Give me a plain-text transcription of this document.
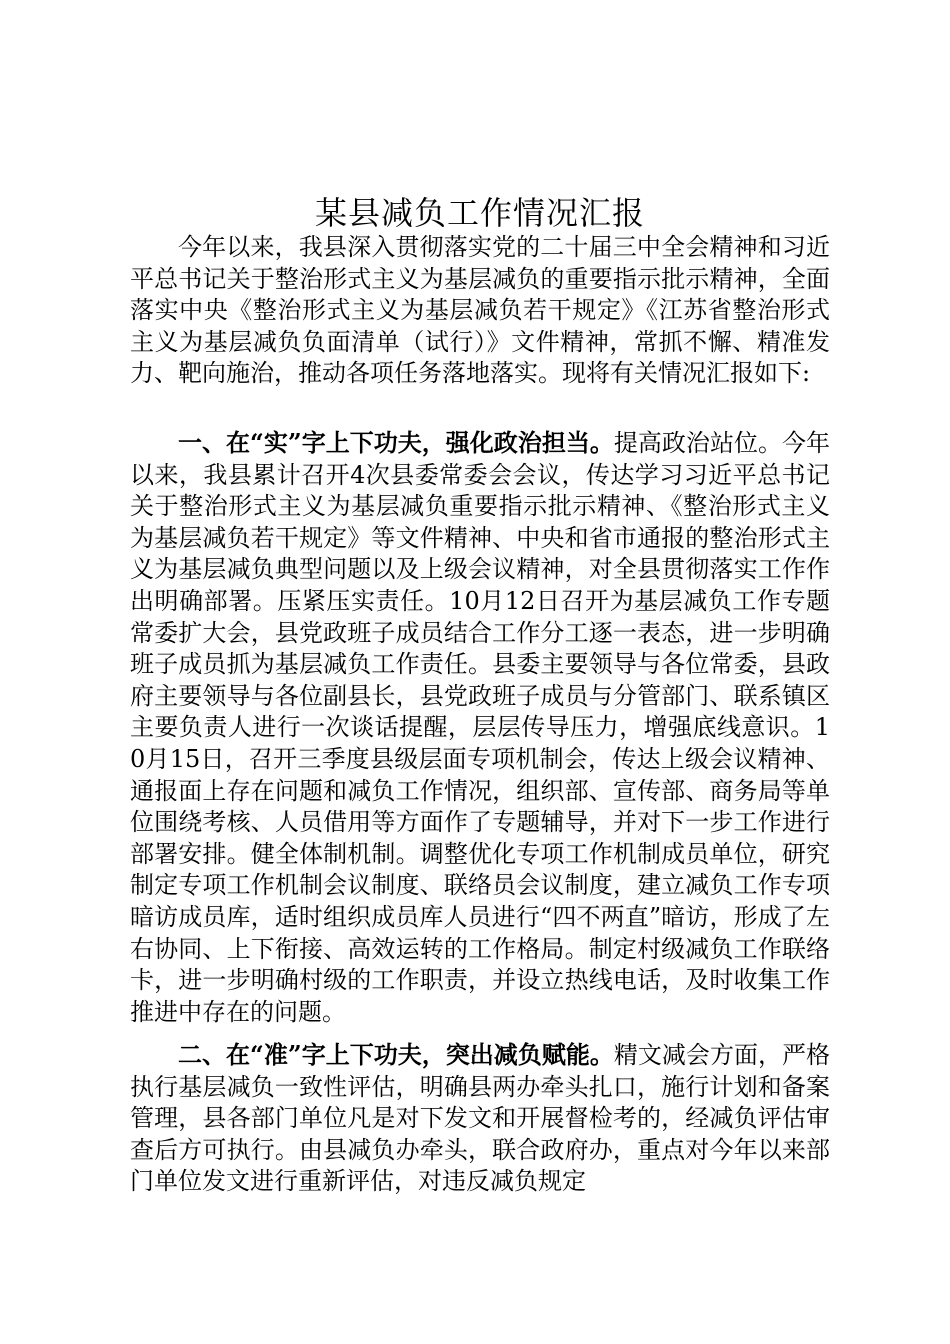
某县减负工作情况汇报

今年以来，我县深入贯彻落实党的二十届三中全会精神和习近平总书记关于整治形式主义为基层减负的重要指示批示精神，全面落实中央《整治形式主义为基层减负若干规定》《江苏省整治形式主义为基层减负负面清单（试行）》文件精神，常抓不懈、精准发力、靶向施治，推动各项任务落地落实。现将有关情况汇报如下:

一、在“实”字上下功夫，强化政治担当。提高政治站位。今年以来，我县累计召开4次县委常委会会议，传达学习习近平总书记关于整治形式主义为基层减负重要指示批示精神、《整治形式主义为基层减负若干规定》等文件精神、中央和省市通报的整治形式主义为基层减负典型问题以及上级会议精神，对全县贯彻落实工作作出明确部署。压紧压实责任。10月12日召开为基层减负工作专题常委扩大会，县党政班子成员结合工作分工逐一表态，进一步明确班子成员抓为基层减负工作责任。县委主要领导与各位常委，县政府主要领导与各位副县长，县党政班子成员与分管部门、联系镇区主要负责人进行一次谈话提醒，层层传导压力，增强底线意识。10月15日，召开三季度县级层面专项机制会，传达上级会议精神、通报面上存在问题和减负工作情况，组织部、宣传部、商务局等单位围绕考核、人员借用等方面作了专题辅导，并对下一步工作进行部署安排。健全体制机制。调整优化专项工作机制成员单位，研究制定专项工作机制会议制度、联络员会议制度，建立减负工作专项暗访成员库，适时组织成员库人员进行“四不两直”暗访，形成了左右协同、上下衔接、高效运转的工作格局。制定村级减负工作联络卡，进一步明确村级的工作职责，并设立热线电话，及时收集工作推进中存在的问题。

二、在“准”字上下功夫，突出减负赋能。精文减会方面，严格执行基层减负一致性评估，明确县两办牵头扎口，施行计划和备案管理，县各部门单位凡是对下发文和开展督检考的，经减负评估审查后方可执行。由县减负办牵头，联合政府办，重点对今年以来部门单位发文进行重新评估，对违反减负规定
